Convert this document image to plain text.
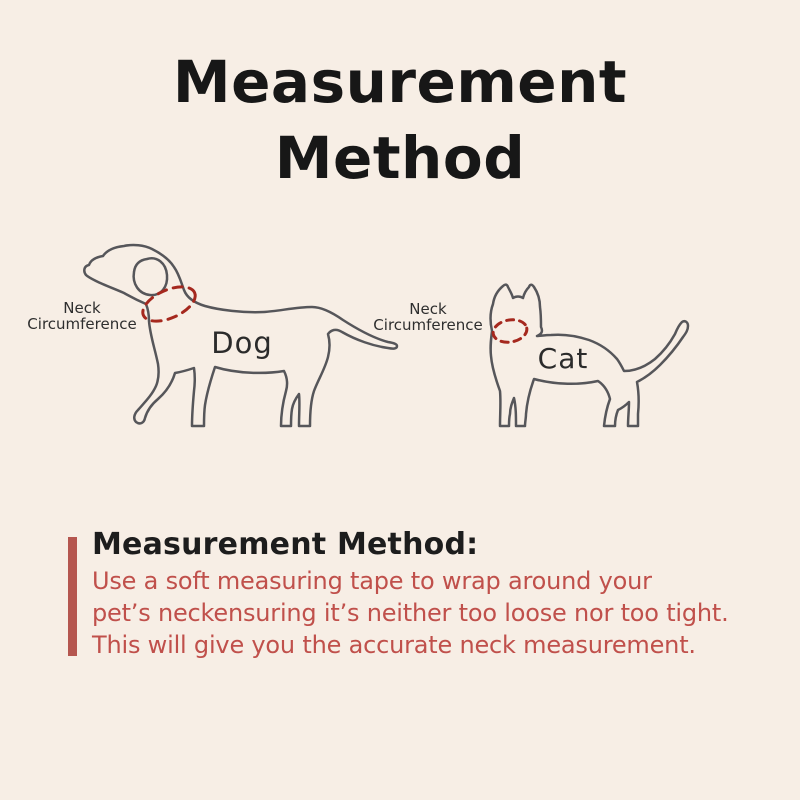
Measurement
Method
Neck
Circumference
Neck
Circumference
Dog	Cat
Measurement Method:
Use a soft measuring tape to wrap around your
pet’s neckensuring it’s neither too loose nor too tight.
This will give you the accurate neck measurement.
